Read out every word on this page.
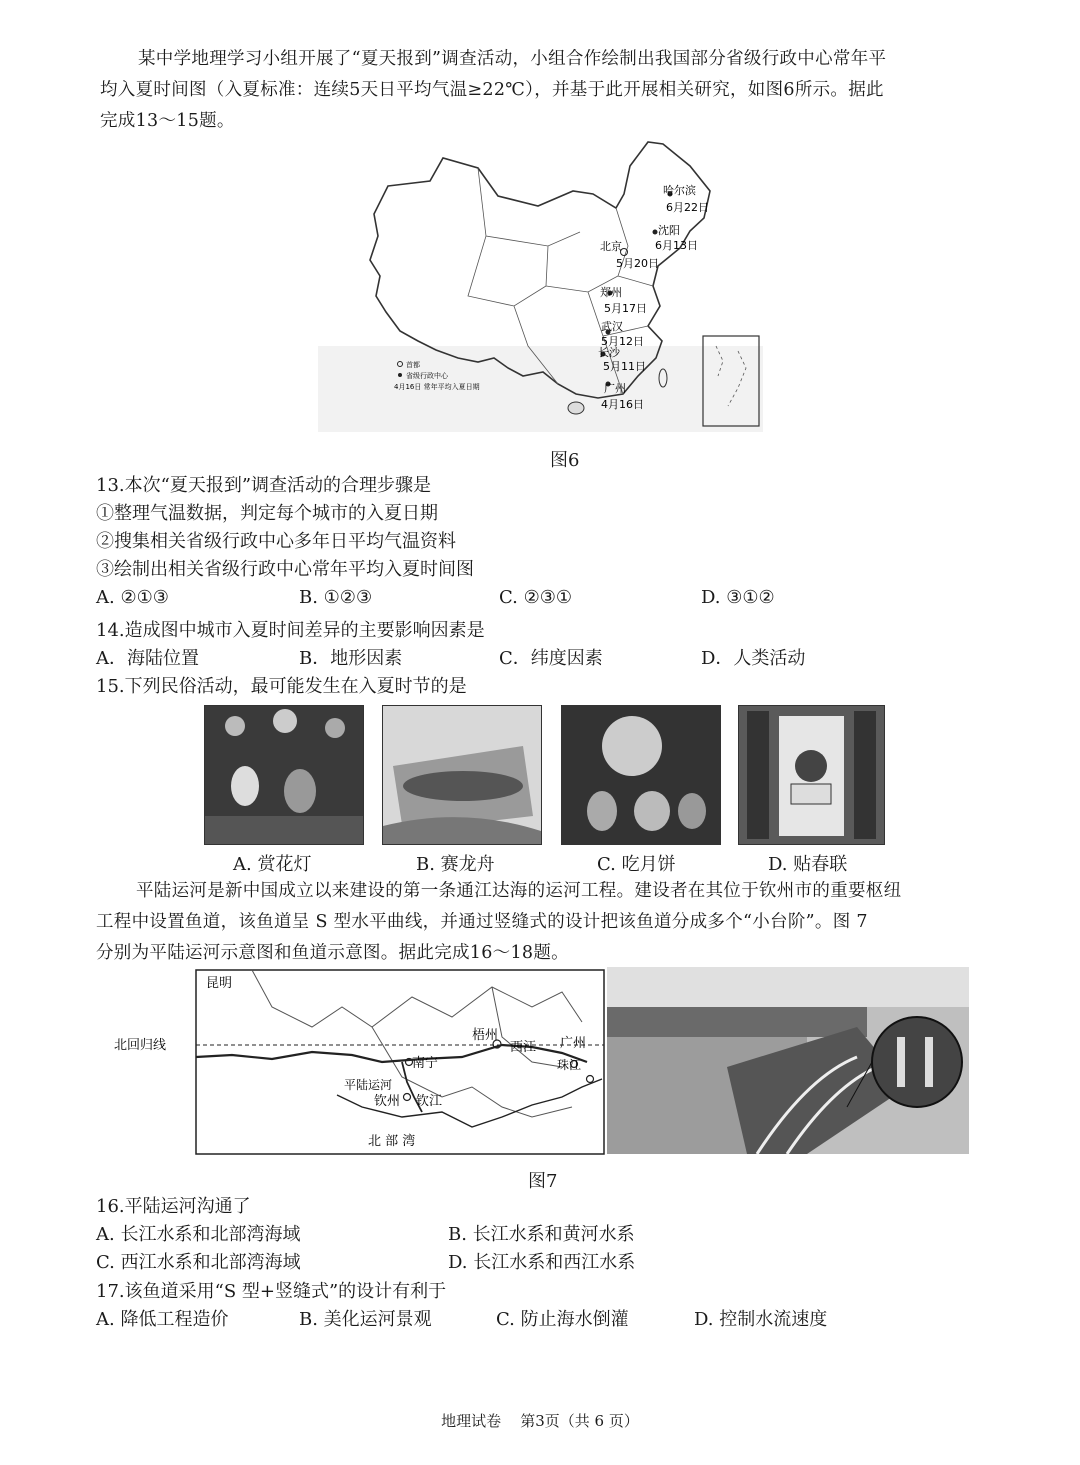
某中学地理学习小组开展了“夏天报到”调查活动，小组合作绘制出我国部分省级行政中心常年平
均入夏时间图（入夏标准：连续5天日平均气温≥22℃），并基于此开展相关研究，如图6所示。据此
完成13～15题。
哈尔滨
6月22日
沈阳
6月13日
北京
5月20日
郑州
5月17日
武汉
5月12日
长沙
5月11日
广州
4月16日
首都
省级行政中心
4月16日 常年平均入夏日期
图6
13.本次“夏天报到”调查活动的合理步骤是
①整理气温数据，判定每个城市的入夏日期
②搜集相关省级行政中心多年日平均气温资料
③绘制出相关省级行政中心常年平均入夏时间图
A. ②①③	B. ①②③	C. ②③①	D. ③①②
14.造成图中城市入夏时间差异的主要影响因素是
A．海陆位置	B．地形因素	C．纬度因素	D．人类活动
15.下列民俗活动，最可能发生在入夏时节的是
A. 赏花灯	B. 赛龙舟	C. 吃月饼	D. 贴春联
平陆运河是新中国成立以来建设的第一条通江达海的运河工程。建设者在其位于钦州市的重要枢纽
工程中设置鱼道，该鱼道呈 S 型水平曲线，并通过竖缝式的设计把该鱼道分成多个“小台阶”。图 7
分别为平陆运河示意图和鱼道示意图。据此完成16～18题。
北回归线
昆明
梧州
西江 广州
南宁
平陆运河
钦州 钦江
珠江
北 部 湾
图7
16.平陆运河沟通了
A. 长江水系和北部湾海域	B. 长江水系和黄河水系
C. 西江水系和北部湾海域	D. 长江水系和西江水系
17.该鱼道采用“S 型+竖缝式”的设计有利于
A. 降低工程造价	B. 美化运河景观	C. 防止海水倒灌	D. 控制水流速度
地理试卷    第3页（共 6 页）
